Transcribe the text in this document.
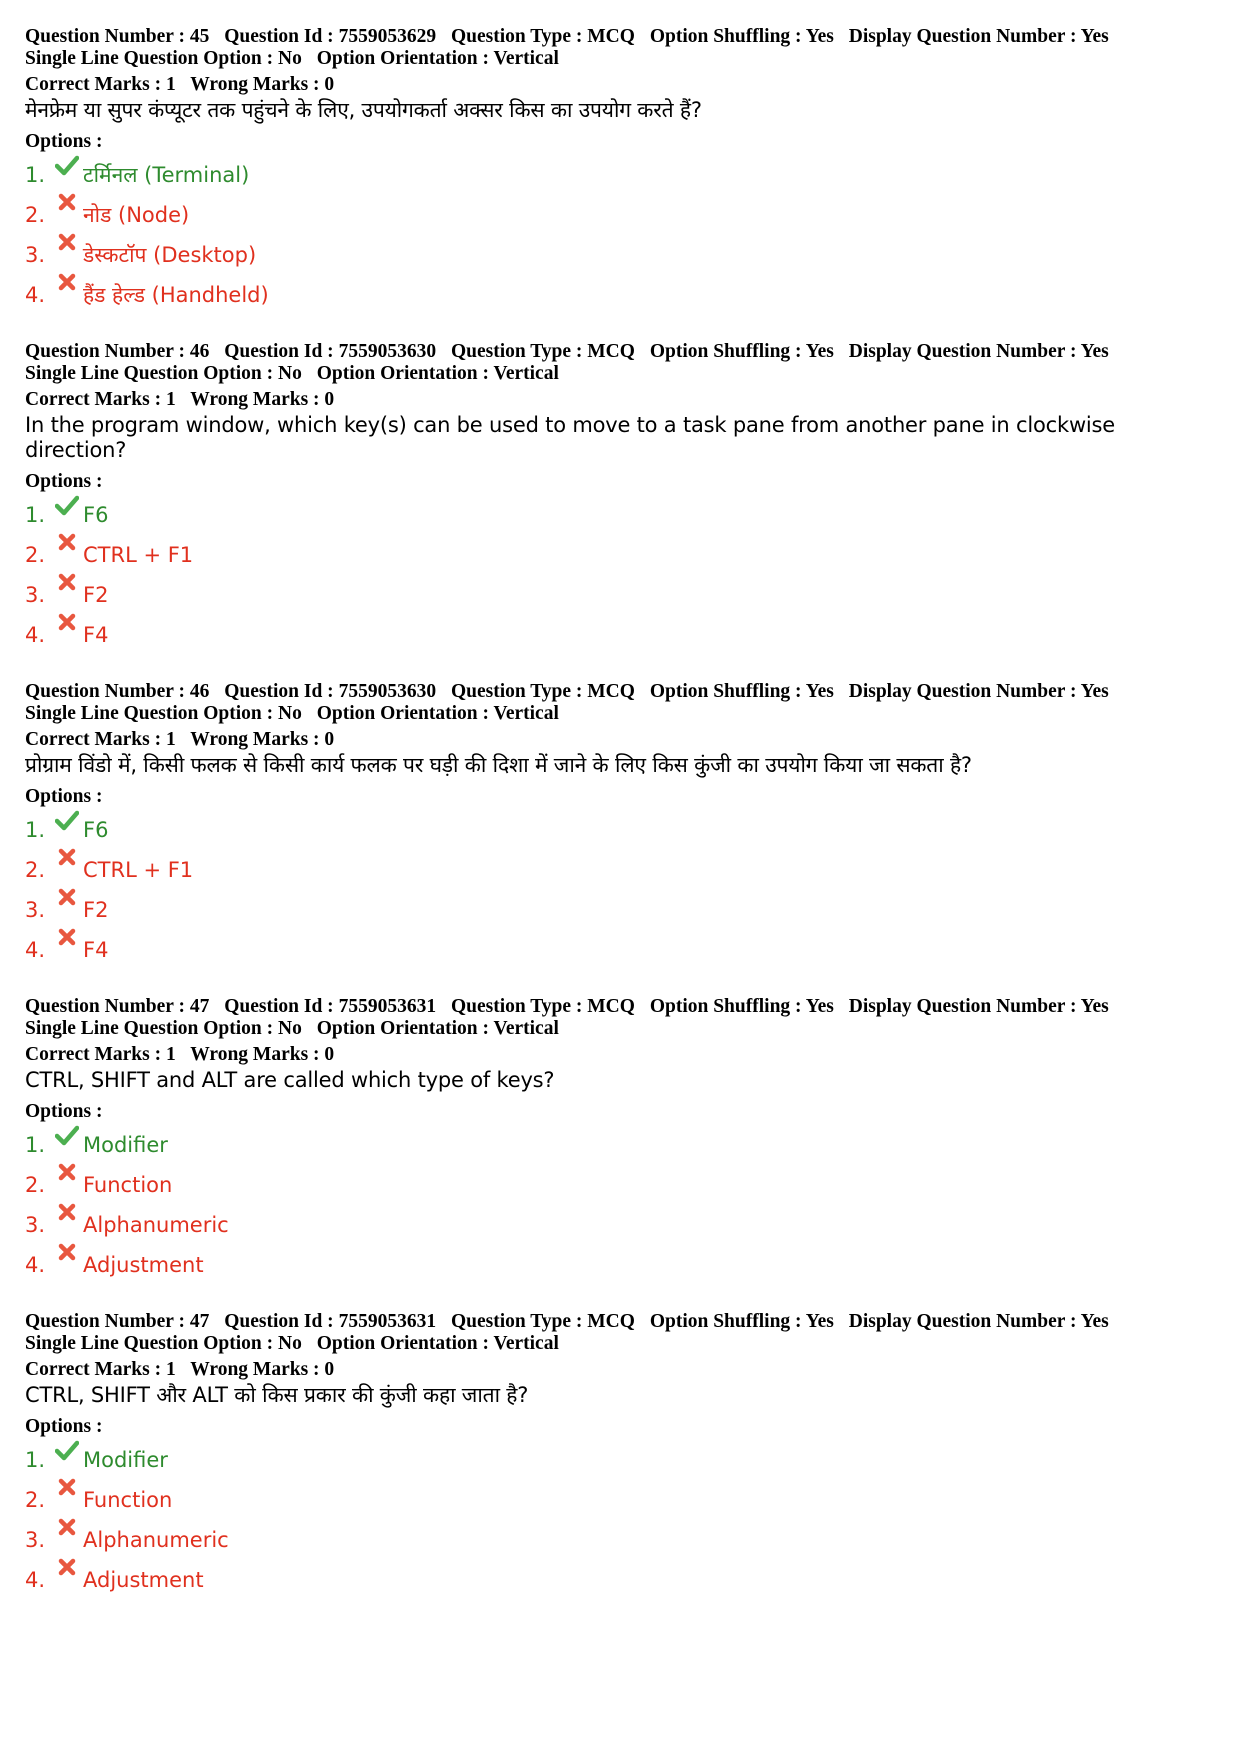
Question Number : 45 Question Id : 7559053629 Question Type : MCQ Option Shuffling : Yes Display Question Number : Yes
Single Line Question Option : No Option Orientation : Vertical
Correct Marks : 1 Wrong Marks : 0
मेनफ्रेम या सुपर कंप्यूटर तक पहुंचने के लिए, उपयोगकर्ता अक्सर किस का उपयोग करते हैं?
Options :
1.	टर्मिनल (Terminal)
2.	नोड (Node)
3.	डेस्कटॉप (Desktop)
4.	हैंड हेल्ड (Handheld)
Question Number : 46 Question Id : 7559053630 Question Type : MCQ Option Shuffling : Yes Display Question Number : Yes
Single Line Question Option : No Option Orientation : Vertical
Correct Marks : 1 Wrong Marks : 0
In the program window, which key(s) can be used to move to a task pane from another pane in clockwise direction?
Options :
1.	F6
2.	CTRL + F1
3.	F2
4.	F4
Question Number : 46 Question Id : 7559053630 Question Type : MCQ Option Shuffling : Yes Display Question Number : Yes
Single Line Question Option : No Option Orientation : Vertical
Correct Marks : 1 Wrong Marks : 0
प्रोग्राम विंडो में, किसी फलक से किसी कार्य फलक पर घड़ी की दिशा में जाने के लिए किस कुंजी का उपयोग किया जा सकता है?
Options :
1.	F6
2.	CTRL + F1
3.	F2
4.	F4
Question Number : 47 Question Id : 7559053631 Question Type : MCQ Option Shuffling : Yes Display Question Number : Yes
Single Line Question Option : No Option Orientation : Vertical
Correct Marks : 1 Wrong Marks : 0
CTRL, SHIFT and ALT are called which type of keys?
Options :
1.	Modifier
2.	Function
3.	Alphanumeric
4.	Adjustment
Question Number : 47 Question Id : 7559053631 Question Type : MCQ Option Shuffling : Yes Display Question Number : Yes
Single Line Question Option : No Option Orientation : Vertical
Correct Marks : 1 Wrong Marks : 0
CTRL, SHIFT और ALT को किस प्रकार की कुंजी कहा जाता है?
Options :
1.	Modifier
2.	Function
3.	Alphanumeric
4.	Adjustment
